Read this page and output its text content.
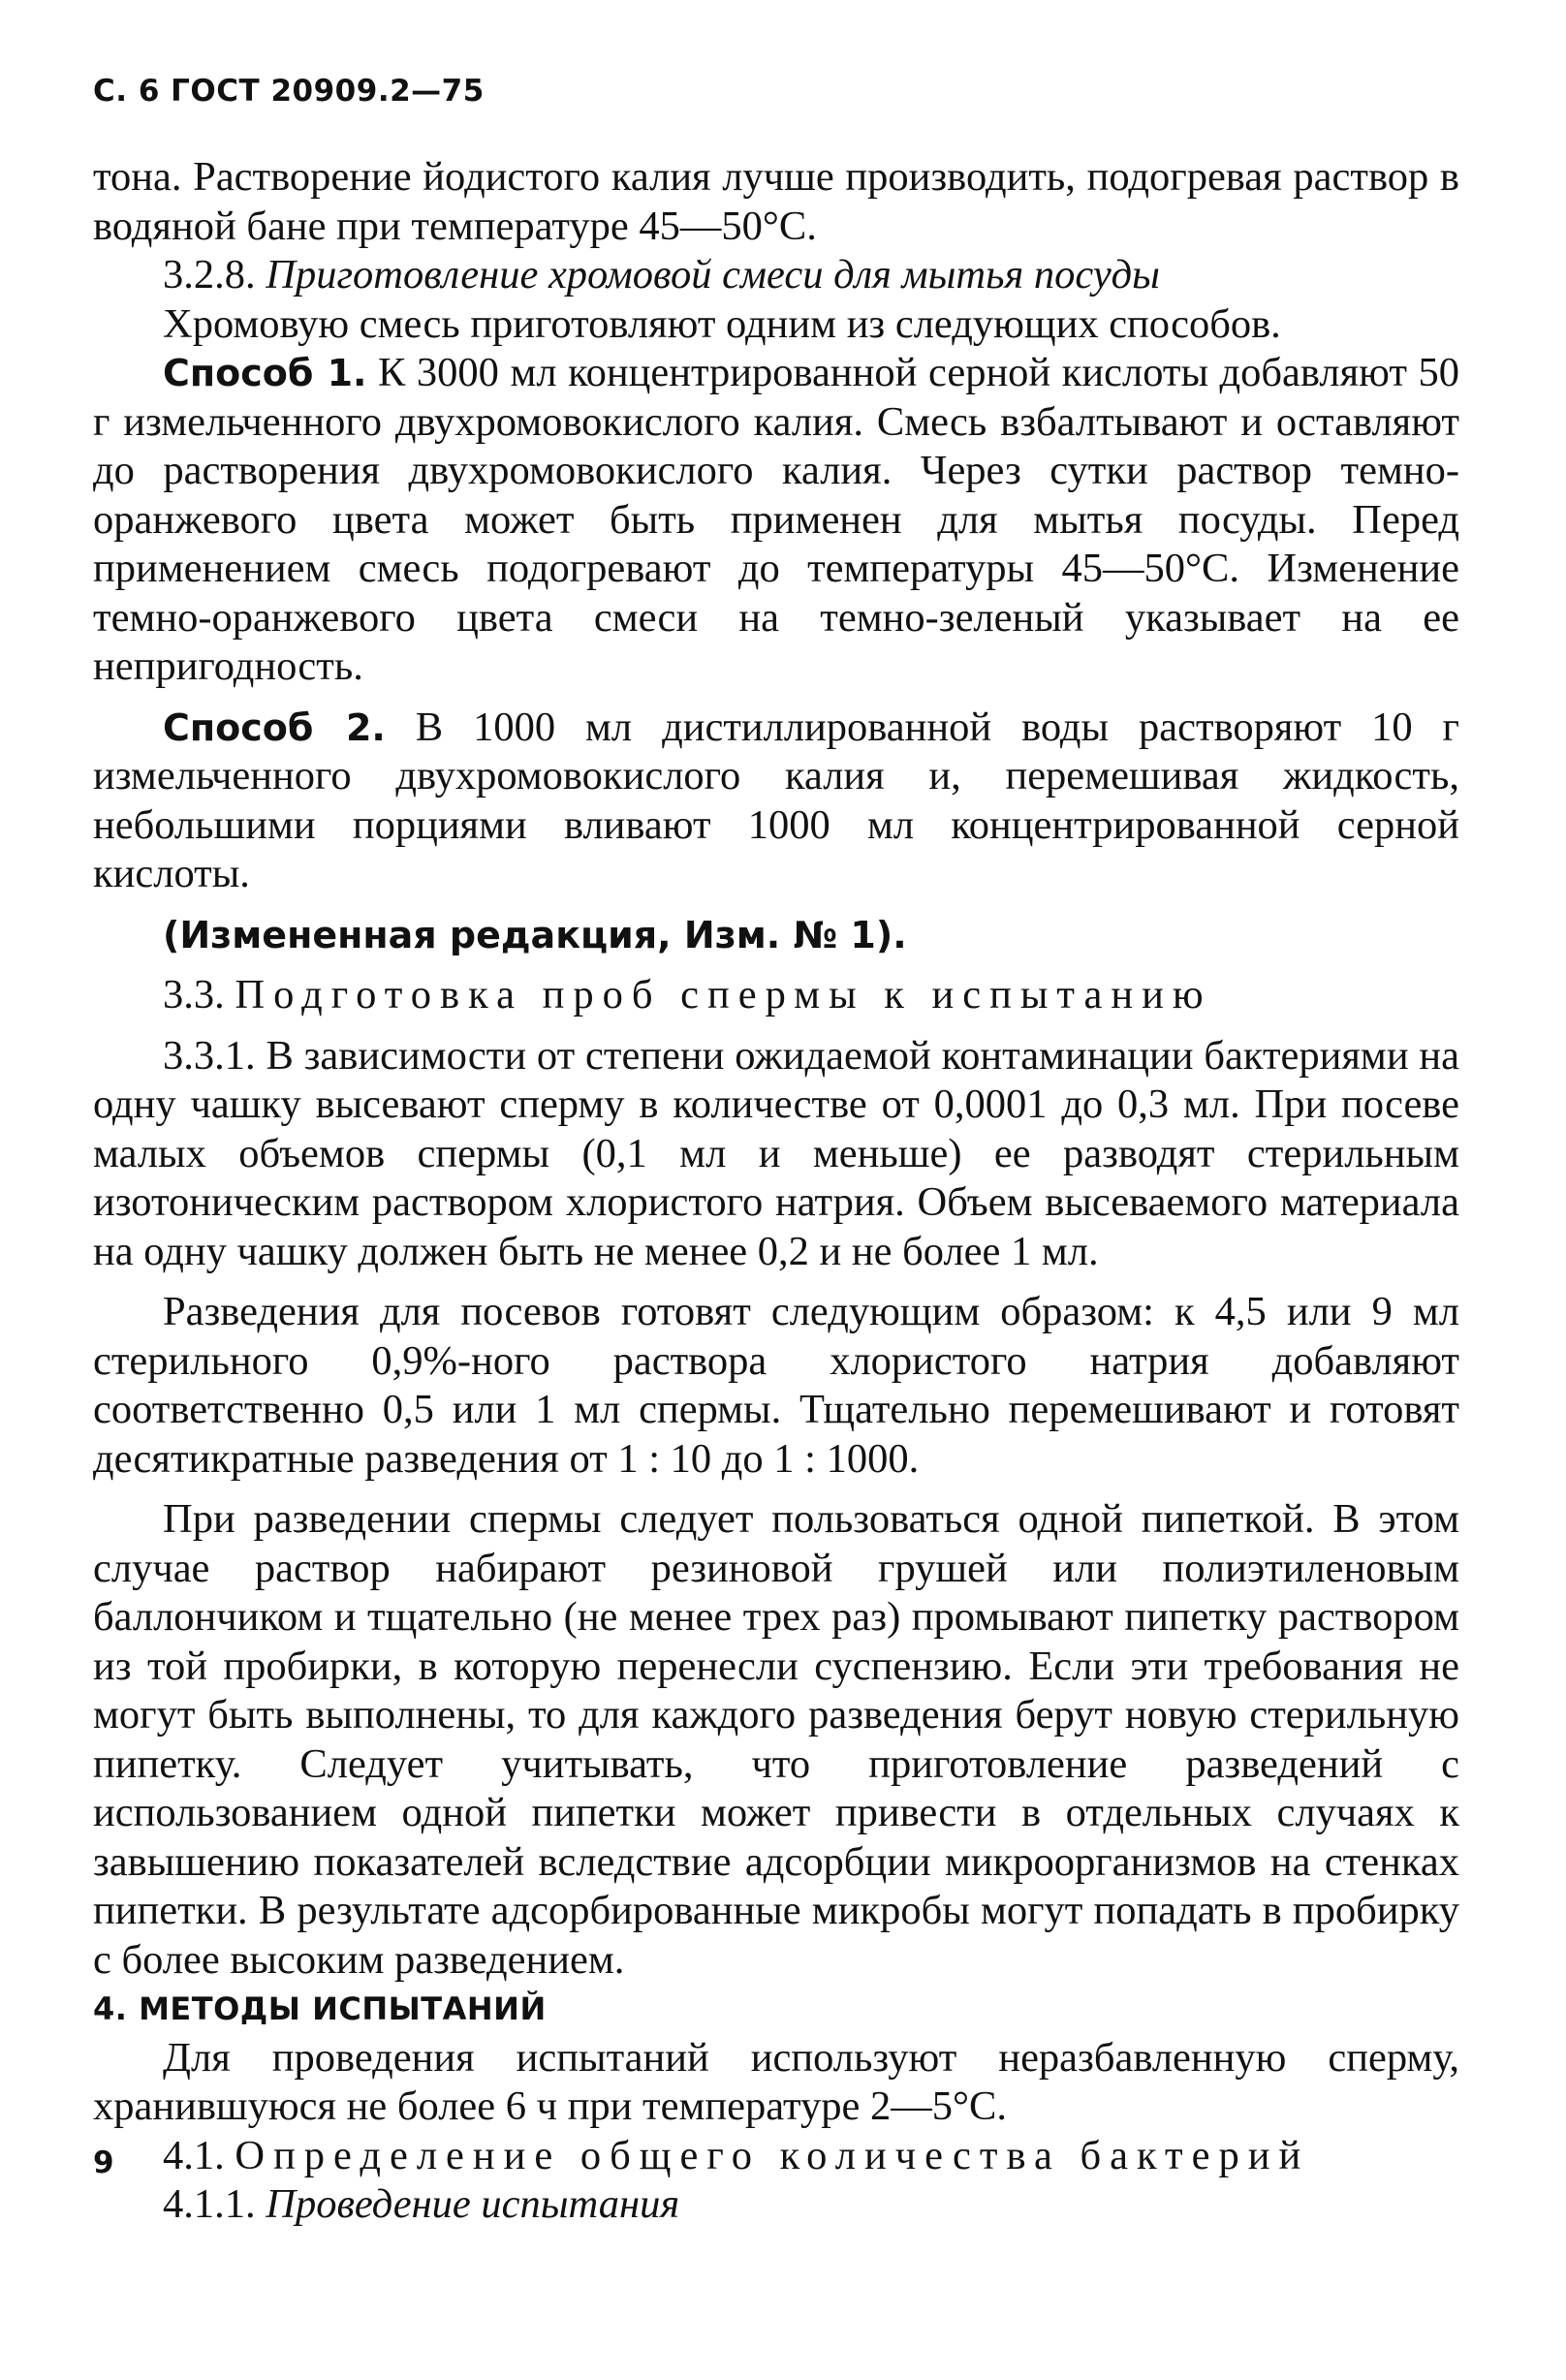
С. 6 ГОСТ 20909.2—75

тона. Растворение йодистого калия лучше производить, подогревая раствор в водяной бане при температуре 45—50°С.

3.2.8. Приготовление хромовой смеси для мытья посуды

Хромовую смесь приготовляют одним из следующих способов.

Способ 1. К 3000 мл концентрированной серной кислоты добавляют 50 г измельченного двухромовокислого калия. Смесь взбалтывают и оставляют до растворения двухромовокислого калия. Через сутки раствор темно-оранжевого цвета может быть применен для мытья посуды. Перед применением смесь подогревают до температуры 45—50°С. Изменение темно-оранжевого цвета смеси на темно-зеленый указывает на ее непригодность.

Способ 2. В 1000 мл дистиллированной воды растворяют 10 г измельченного двухромовокислого калия и, перемешивая жидкость, небольшими порциями вливают 1000 мл концентрированной серной кислоты.

(Измененная редакция, Изм. № 1).

3.3. Подготовка проб спермы к испытанию

3.3.1. В зависимости от степени ожидаемой контаминации бактериями на одну чашку высевают сперму в количестве от 0,0001 до 0,3 мл. При посеве малых объемов спермы (0,1 мл и меньше) ее разводят стерильным изотоническим раствором хлористого натрия. Объем высеваемого материала на одну чашку должен быть не менее 0,2 и не более 1 мл.

Разведения для посевов готовят следующим образом: к 4,5 или 9 мл стерильного 0,9%-ного раствора хлористого натрия добавляют соответственно 0,5 или 1 мл спермы. Тщательно перемешивают и готовят десятикратные разведения от 1 : 10 до 1 : 1000.

При разведении спермы следует пользоваться одной пипеткой. В этом случае раствор набирают резиновой грушей или полиэтиленовым баллончиком и тщательно (не менее трех раз) промывают пипетку раствором из той пробирки, в которую перенесли суспензию. Если эти требования не могут быть выполнены, то для каждого разведения берут новую стерильную пипетку. Следует учитывать, что приготовление разведений с использованием одной пипетки может привести в отдельных случаях к завышению показателей вследствие адсорбции микроорганизмов на стенках пипетки. В результате адсорбированные микробы могут попадать в пробирку с более высоким разведением.

4. МЕТОДЫ ИСПЫТАНИЙ

Для проведения испытаний используют неразбавленную сперму, хранившуюся не более 6 ч при температуре 2—5°С.

4.1. Определение общего количества бактерий

4.1.1. Проведение испытания

9
